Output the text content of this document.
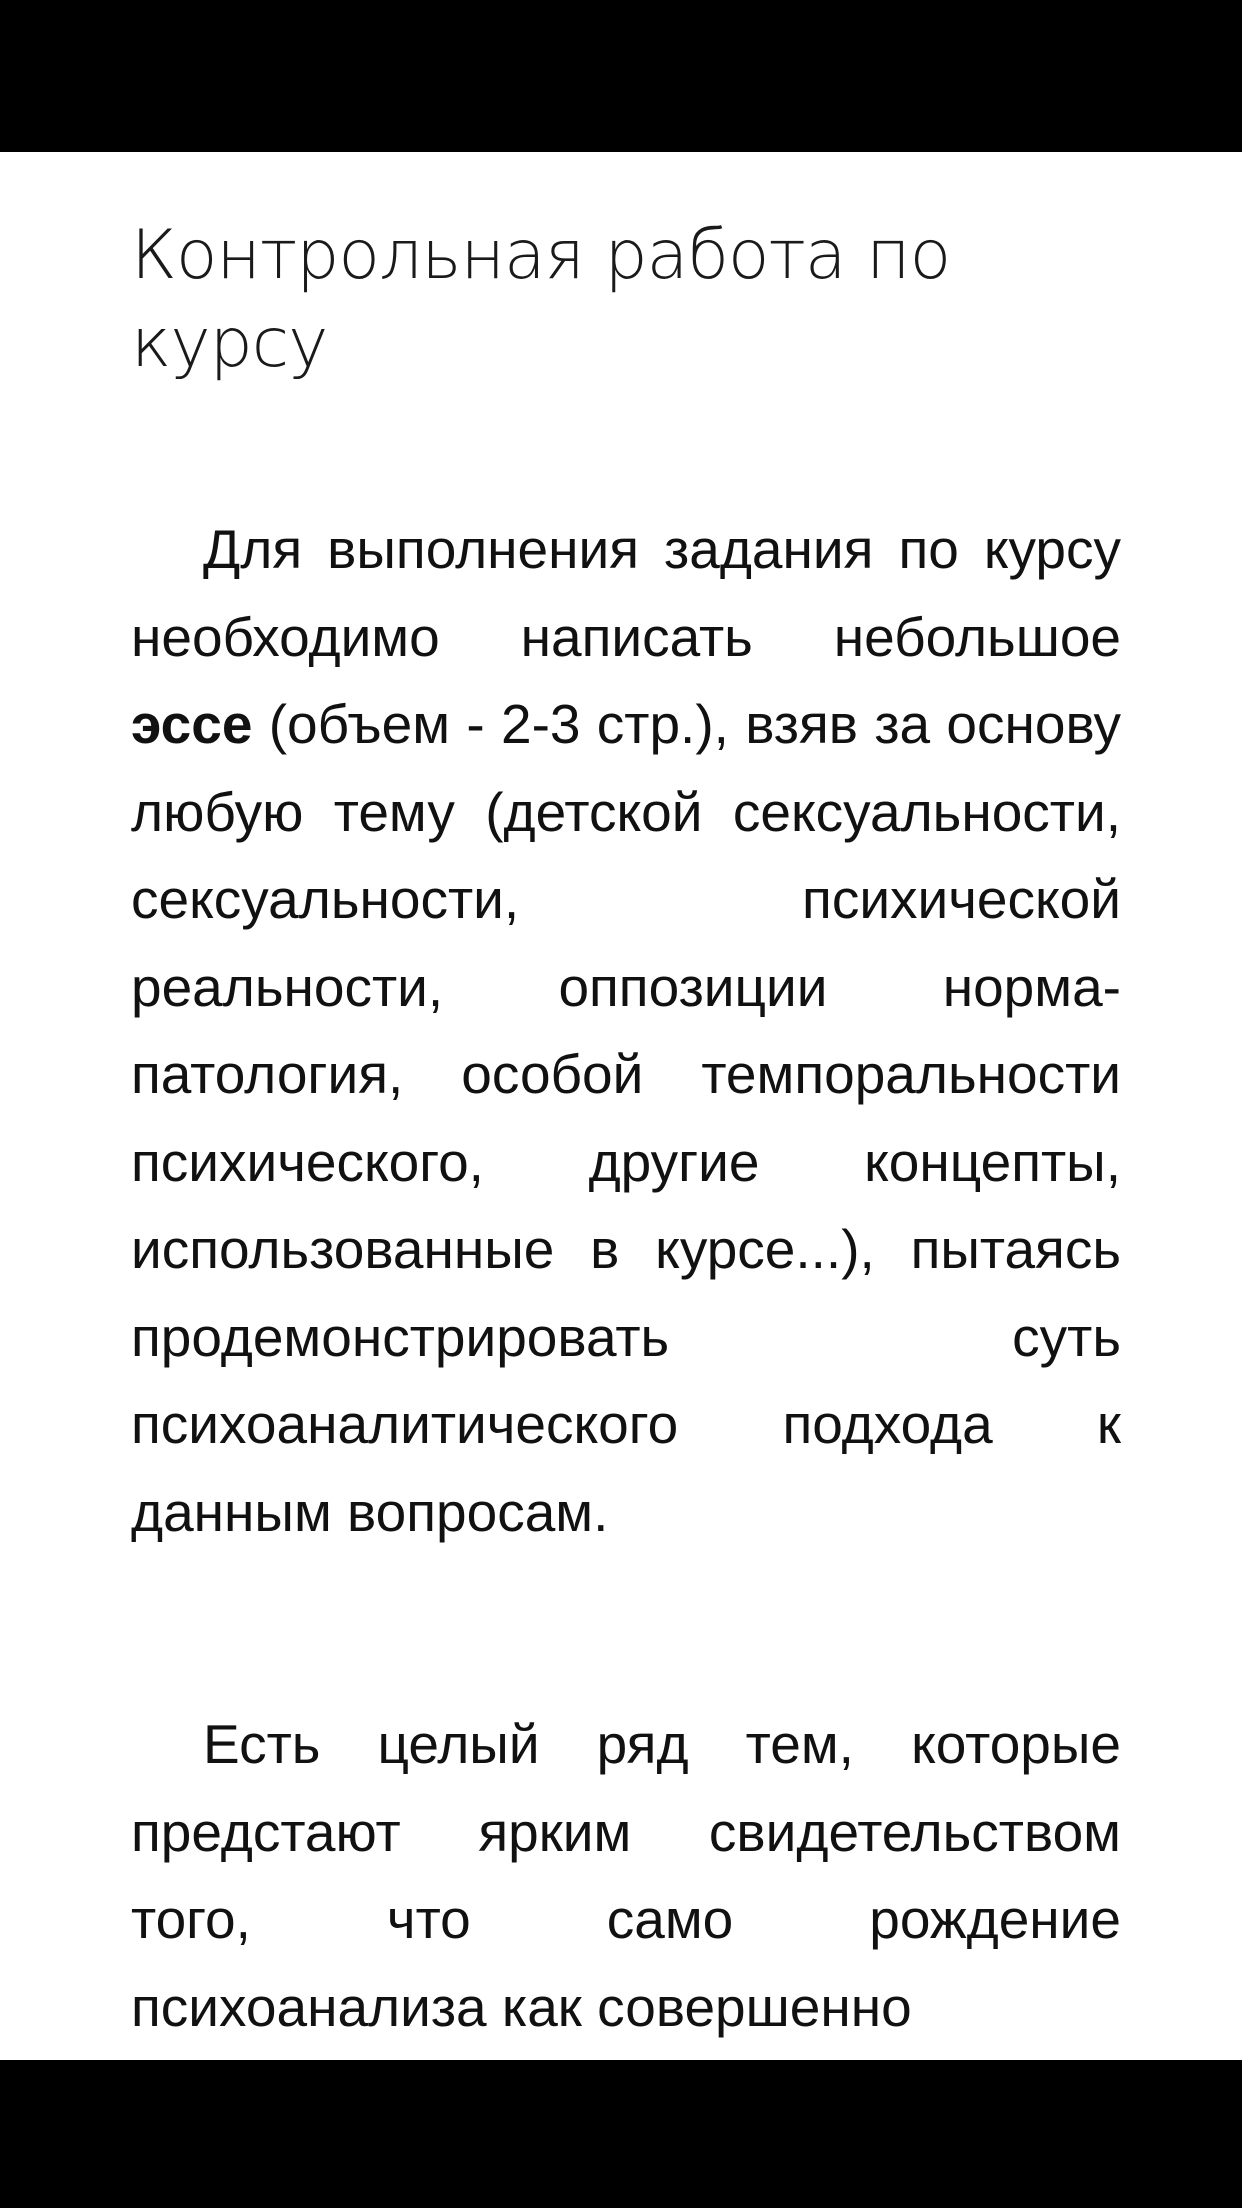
Контрольная работа по курсу

Для выполнения задания по курсу необходимо написать небольшое эссе (объем - 2-3 стр.), взяв за основу любую тему (детской сексуальности, сексуальности, психической реальности, оппозиции норма-патология, особой темпоральности психического, другие концепты, использованные в курсе...), пытаясь продемонстрировать суть психоаналитического подхода к данным вопросам.

Есть целый ряд тем, которые предстают ярким свидетельством того, что само рождение психоанализа как совершенно
